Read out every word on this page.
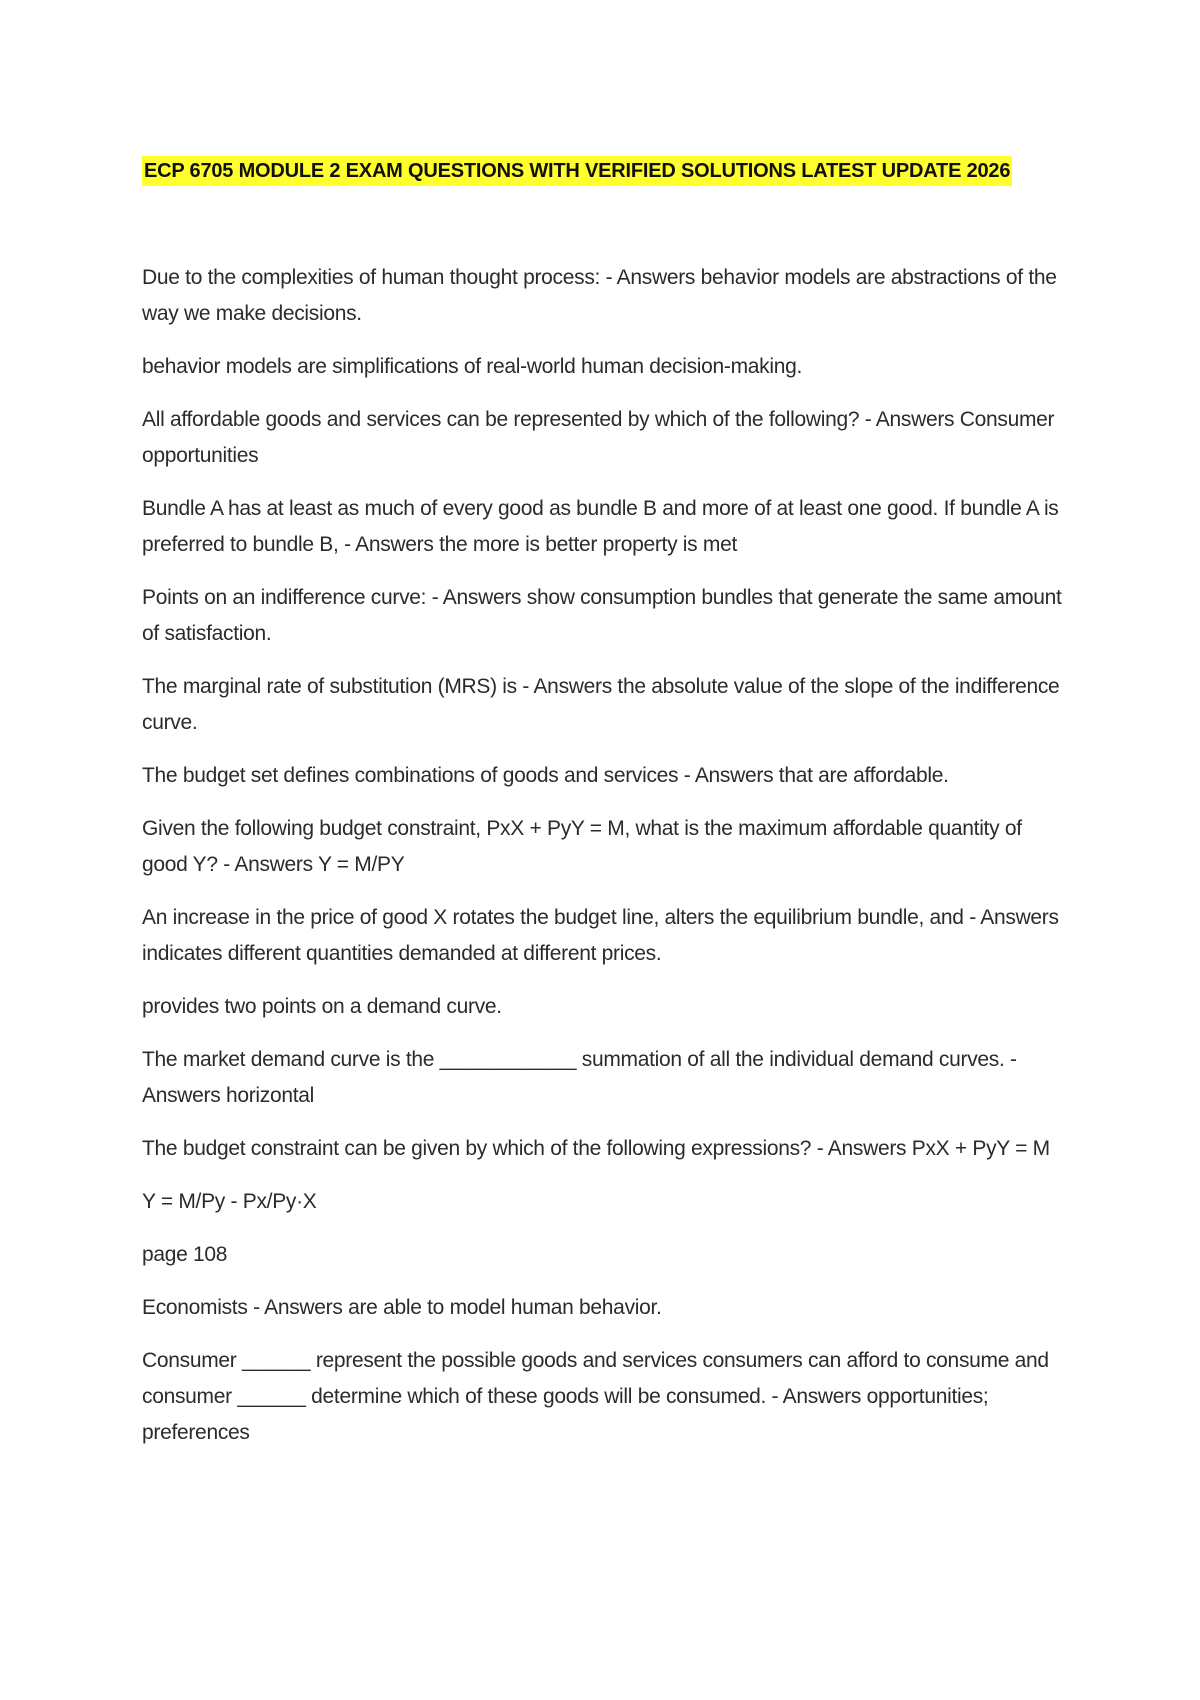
ECP 6705 MODULE 2 EXAM QUESTIONS WITH VERIFIED SOLUTIONS LATEST UPDATE 2026

Due to the complexities of human thought process: - Answers behavior models are abstractions of the way we make decisions.

behavior models are simplifications of real-world human decision-making.

All affordable goods and services can be represented by which of the following? - Answers Consumer opportunities

Bundle A has at least as much of every good as bundle B and more of at least one good. If bundle A is preferred to bundle B, - Answers the more is better property is met

Points on an indifference curve: - Answers show consumption bundles that generate the same amount of satisfaction.

The marginal rate of substitution (MRS) is - Answers the absolute value of the slope of the indifference curve.

The budget set defines combinations of goods and services - Answers that are affordable.

Given the following budget constraint, PxX + PyY = M, what is the maximum affordable quantity of good Y? - Answers Y = M/PY

An increase in the price of good X rotates the budget line, alters the equilibrium bundle, and - Answers indicates different quantities demanded at different prices.

provides two points on a demand curve.

The market demand curve is the ____________ summation of all the individual demand curves. - Answers horizontal

The budget constraint can be given by which of the following expressions? - Answers PxX + PyY = M

Y = M/Py - Px/Py·X

page 108

Economists - Answers are able to model human behavior.

Consumer ______ represent the possible goods and services consumers can afford to consume and consumer ______ determine which of these goods will be consumed. - Answers opportunities; preferences
